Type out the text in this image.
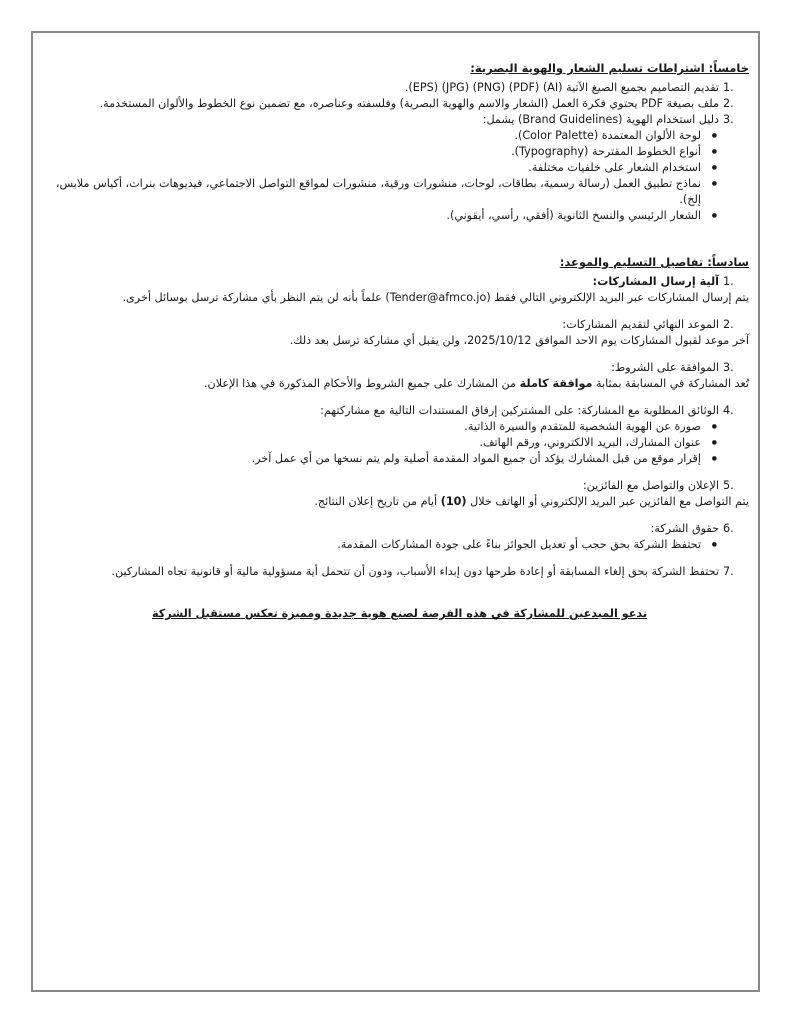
خامساً: اشتراطات تسليم الشعار والهوية البصرية:
1.
تقديم التصاميم بجميع الصيغ الآتية (AI) (PDF) (PNG) (JPG) (EPS).
2.
ملف بصيغة PDF يحتوي فكرة العمل (الشعار والاسم والهوية البصرية) وفلسفته وعناصره، مع تضمين نوع الخطوط والألوان المستخدمة.
3.
دليل استخدام الهوية (Brand Guidelines) يشمل:
● لوحة الألوان المعتمدة (Color Palette).
● أنواع الخطوط المقترحة (Typography).
● استخدام الشعار على خلفيات مختلفة.
● نماذج تطبيق العمل (رسالة رسمية، بطاقات، لوحات، منشورات ورقية، منشورات لمواقع التواصل الاجتماعي، فيديوهات بنرات، أكياس ملابس، إلخ).
● الشعار الرئيسي والنسخ الثانوية (أفقي، رأسي، أيقوني).
سادساً: تفاصيل التسليم والموعد:
1.
آلية إرسال المشاركات:
يتم إرسال المشاركات عبر البريد الإلكتروني التالي فقط (Tender@afmco.jo) علماً بأنه لن يتم النظر بأي مشاركة ترسل بوسائل أخرى.
2.
الموعد النهائي لتقديم المشاركات:
آخر موعد لقبول المشاركات يوم الاحد الموافق 2025/10/12، ولن يقبل أي مشاركة ترسل بعد ذلك.
3.
الموافقة على الشروط:
تُعد المشاركة في المسابقة بمثابة موافقة كاملة من المشارك على جميع الشروط والأحكام المذكورة في هذا الإعلان.
4.
الوثائق المطلوبة مع المشاركة: على المشتركين إرفاق المستندات التالية مع مشاركتهم:
● صورة عن الهوية الشخصية للمتقدم والسيرة الذاتية.
● عنوان المشارك، البريد الالكتروني، ورقم الهاتف.
● إقرار موقع من قبل المشارك يؤكد أن جميع المواد المقدمة أصلية ولم يتم نسخها من أي عمل آخر.
5.
الإعلان والتواصل مع الفائزين:
يتم التواصل مع الفائزين عبر البريد الإلكتروني أو الهاتف خلال (10) أيام من تاريخ إعلان النتائج.
6.
حقوق الشركة:
● تحتفظ الشركة بحق حجب أو تعديل الجوائز بناءً على جودة المشاركات المقدمة.
7.
تحتفظ الشركة بحق إلغاء المسابقة أو إعادة طرحها دون إبداء الأسباب، ودون أن تتحمل أية مسؤولية مالية أو قانونية تجاه المشاركين.
ندعو المبدعين للمشاركة في هذه الفرصة لصنع هوية جديدة ومميزة تعكس مستقبل الشركة
